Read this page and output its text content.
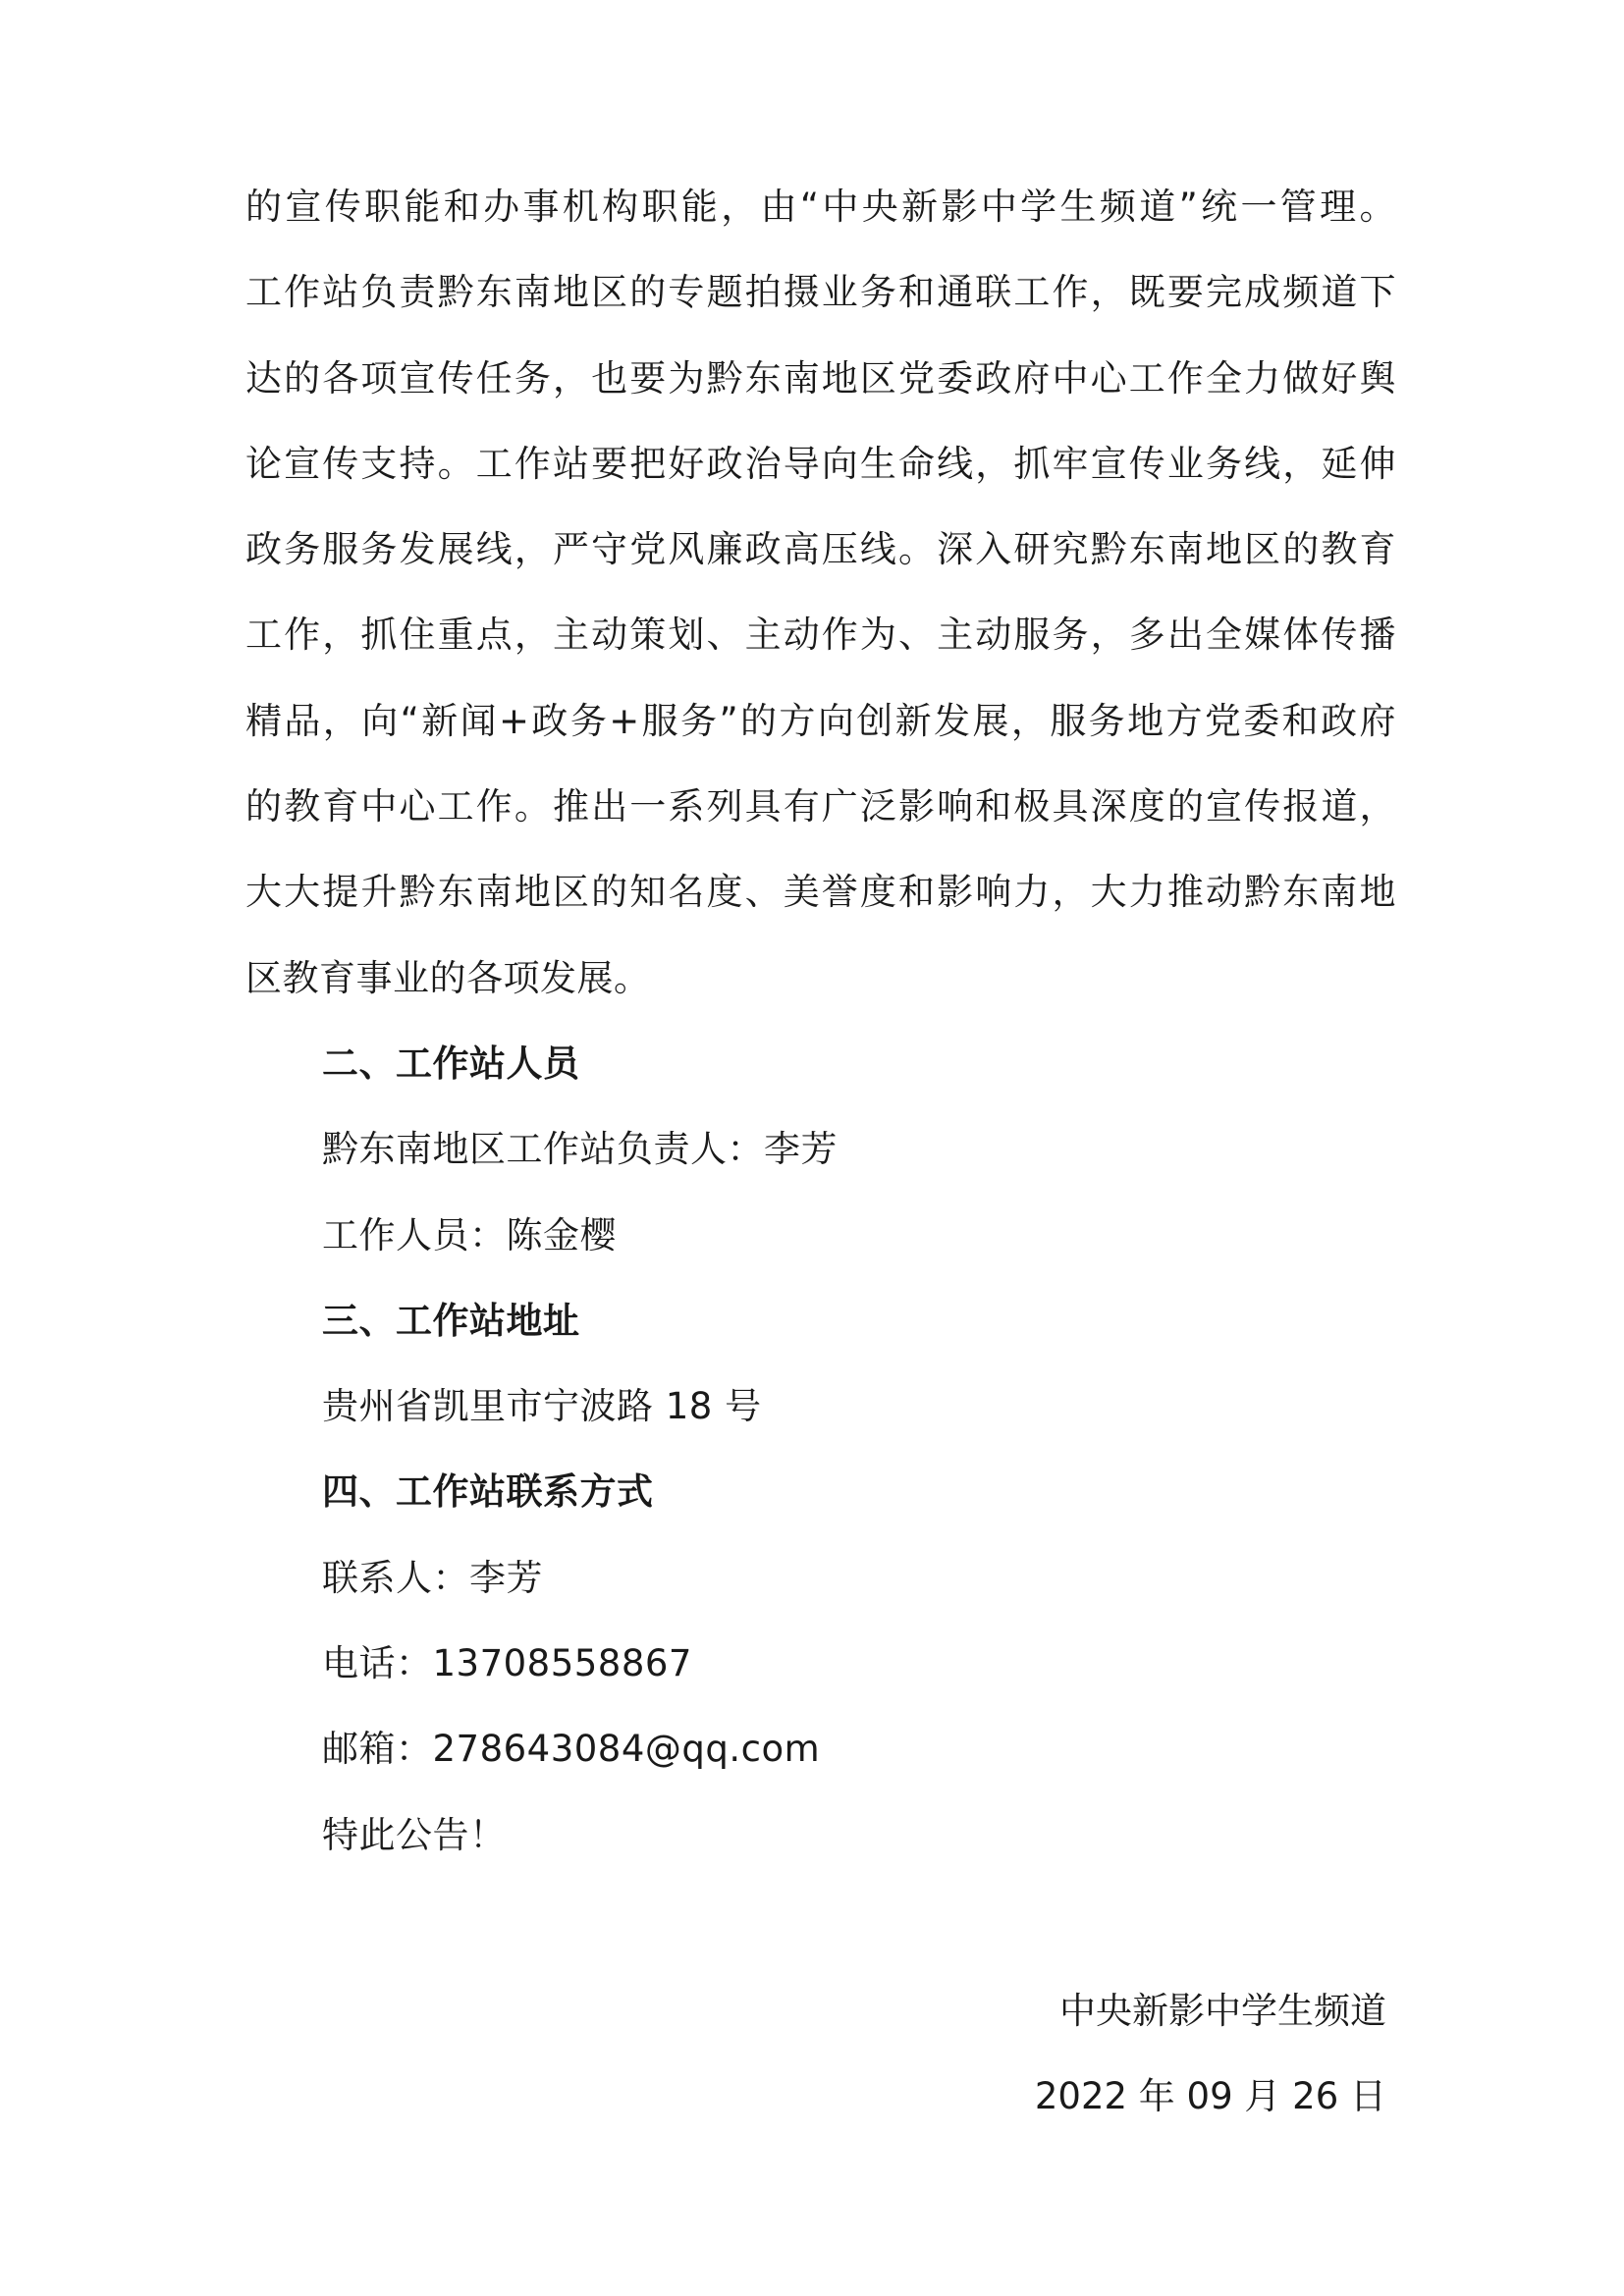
的宣传职能和办事机构职能，由“中央新影中学生频道”统一管理。
工作站负责黔东南地区的专题拍摄业务和通联工作，既要完成频道下
达的各项宣传任务，也要为黔东南地区党委政府中心工作全力做好舆
论宣传支持。工作站要把好政治导向生命线，抓牢宣传业务线，延伸
政务服务发展线，严守党风廉政高压线。深入研究黔东南地区的教育
工作，抓住重点，主动策划、主动作为、主动服务，多出全媒体传播
精品，向“新闻+政务+服务”的方向创新发展，服务地方党委和政府
的教育中心工作。推出一系列具有广泛影响和极具深度的宣传报道，
大大提升黔东南地区的知名度、美誉度和影响力，大力推动黔东南地
区教育事业的各项发展。
二、工作站人员
黔东南地区工作站负责人：李芳
工作人员：陈金樱
三、工作站地址
贵州省凯里市宁波路 18 号
四、工作站联系方式
联系人：李芳
电话：13708558867
邮箱：278643084@qq.com
特此公告！
中央新影中学生频道
2022 年 09 月 26 日
